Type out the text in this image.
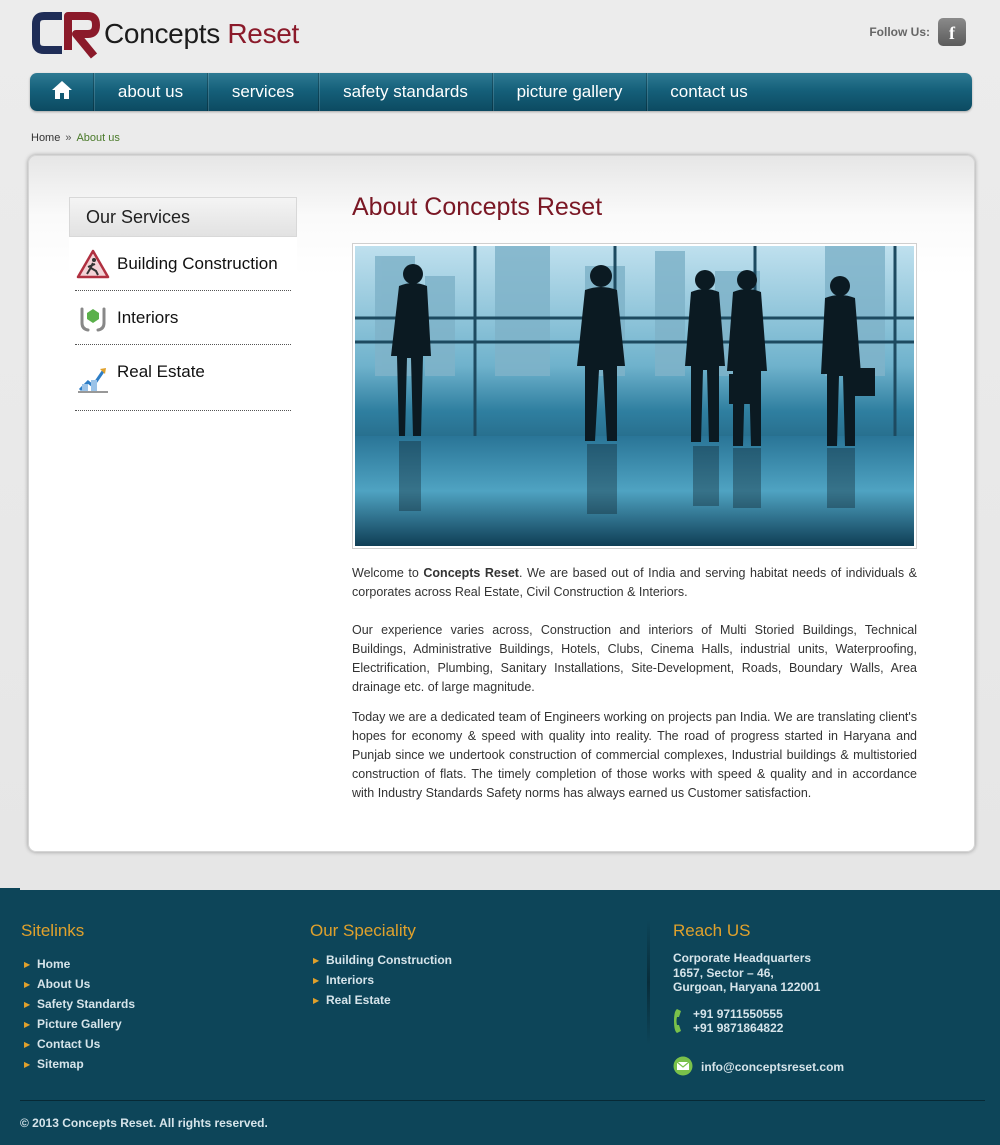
Concepts Reset	Follow Us:	f
about us	services	safety standards	picture gallery	contact us
Home » About us
Our Services
Building Construction
Interiors
Real Estate
About Concepts Reset

Welcome to Concepts Reset. We are based out of India and serving habitat needs of individuals & corporates across Real Estate, Civil Construction & Interiors.

Our experience varies across, Construction and interiors of Multi Storied Buildings, Technical Buildings, Administrative Buildings, Hotels, Clubs, Cinema Halls, industrial units, Waterproofing, Electrification, Plumbing, Sanitary Installations, Site-Development, Roads, Boundary Walls, Area drainage etc. of large magnitude.

Today we are a dedicated team of Engineers working on projects pan India. We are translating client's hopes for economy & speed with quality into reality. The road of progress started in Haryana and Punjab since we undertook construction of commercial complexes, Industrial buildings & multistoried construction of flats. The timely completion of those works with speed & quality and in accordance with Industry Standards Safety norms has always earned us Customer satisfaction.

Sitelinks
▶ Home
▶ About Us
▶ Safety Standards
▶ Picture Gallery
▶ Contact Us
▶ Sitemap
Our Speciality
▶ Building Construction
▶ Interiors
▶ Real Estate
Reach US
Corporate Headquarters
1657, Sector – 46,
Gurgoan, Haryana 122001
+91 9711550555
+91 9871864822
info@conceptsreset.com
© 2013 Concepts Reset. All rights reserved.
